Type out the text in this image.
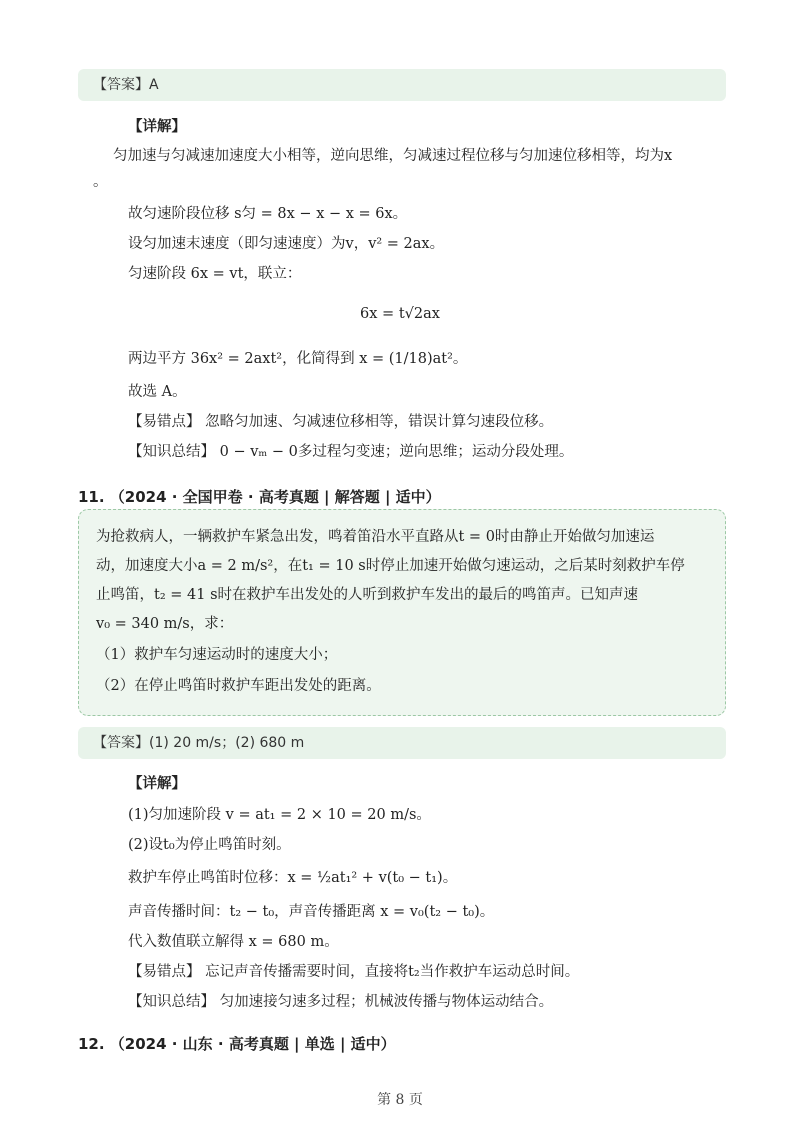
【答案】A
【详解】
匀加速与匀减速加速度大小相等，逆向思维，匀减速过程位移与匀加速位移相等，均为x
。
故匀速阶段位移 s匀 = 8x − x − x = 6x。
设匀加速末速度（即匀速速度）为v，v² = 2ax。
匀速阶段 6x = vt，联立：
6x = t√2ax
两边平方 36x² = 2axt²，化简得到 x = (1/18)at²。
故选 A。
【易错点】 忽略匀加速、匀减速位移相等，错误计算匀速段位移。
【知识总结】 0 − vₘ − 0多过程匀变速；逆向思维；运动分段处理。
11. （2024 · 全国甲卷 · 高考真题 | 解答题 | 适中）
为抢救病人，一辆救护车紧急出发，鸣着笛沿水平直路从t = 0时由静止开始做匀加速运
动，加速度大小a = 2 m/s²，在t₁ = 10 s时停止加速开始做匀速运动，之后某时刻救护车停
止鸣笛，t₂ = 41 s时在救护车出发处的人听到救护车发出的最后的鸣笛声。已知声速
v₀ = 340 m/s，求：
（1）救护车匀速运动时的速度大小；
（2）在停止鸣笛时救护车距出发处的距离。
【答案】(1) 20 m/s；(2) 680 m
【详解】
(1)匀加速阶段 v = at₁ = 2 × 10 = 20 m/s。
(2)设t₀为停止鸣笛时刻。
救护车停止鸣笛时位移：x = ½at₁² + v(t₀ − t₁)。
声音传播时间：t₂ − t₀，声音传播距离 x = v₀(t₂ − t₀)。
代入数值联立解得 x = 680 m。
【易错点】 忘记声音传播需要时间，直接将t₂当作救护车运动总时间。
【知识总结】 匀加速接匀速多过程；机械波传播与物体运动结合。
12. （2024 · 山东 · 高考真题 | 单选 | 适中）
第 8 页
